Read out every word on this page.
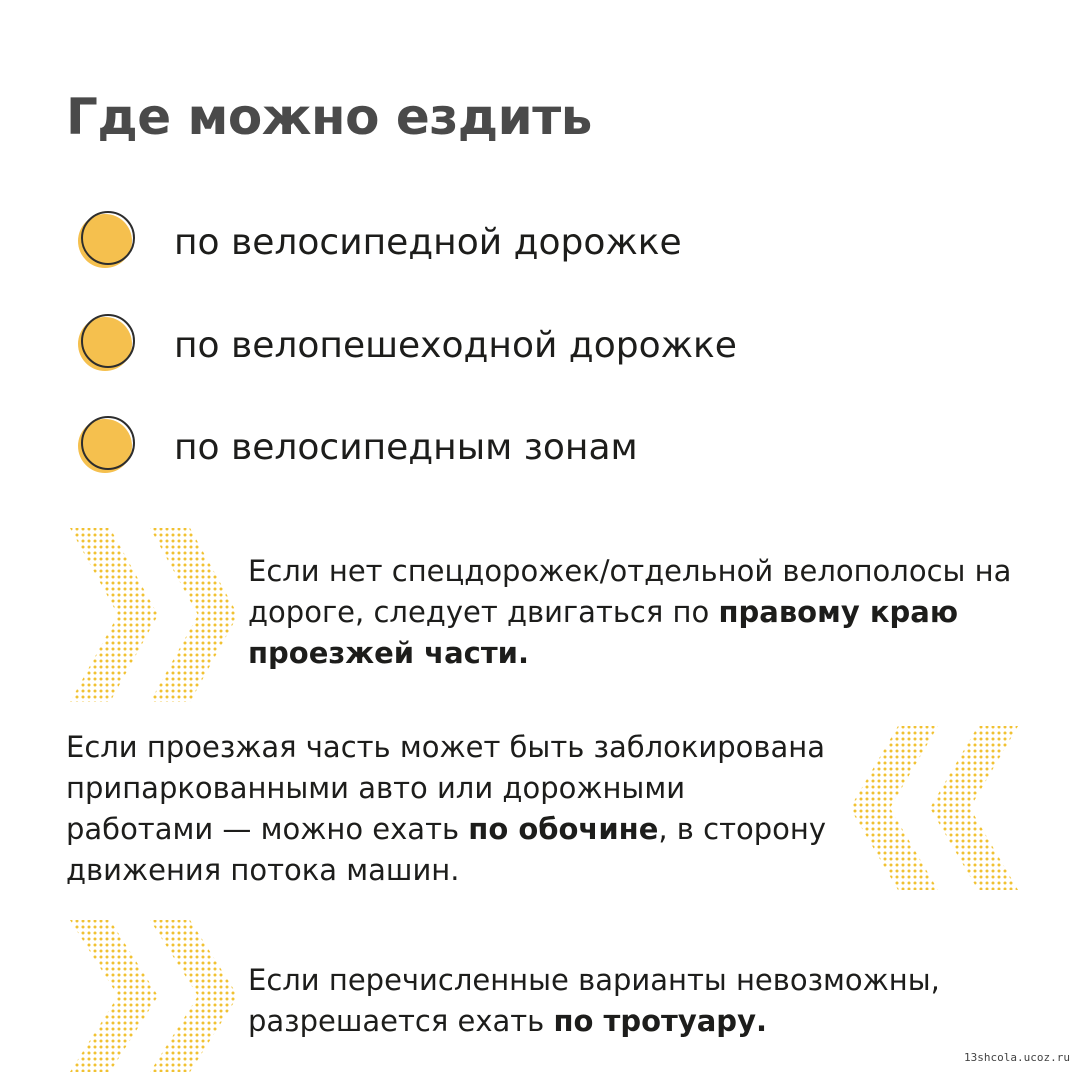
Где можно ездить
по велосипедной дорожке
по велопешеходной дорожке
по велосипедным зонам

Если нет спецдорожек/отдельной велополосы на дороге, следует двигаться по правому краю проезжей части.

Если проезжая часть может быть заблокирована припаркованными авто или дорожными работами — можно ехать по обочине, в сторону движения потока машин.

Если перечисленные варианты невозможны, разрешается ехать по тротуару.

13shcola.ucoz.ru
